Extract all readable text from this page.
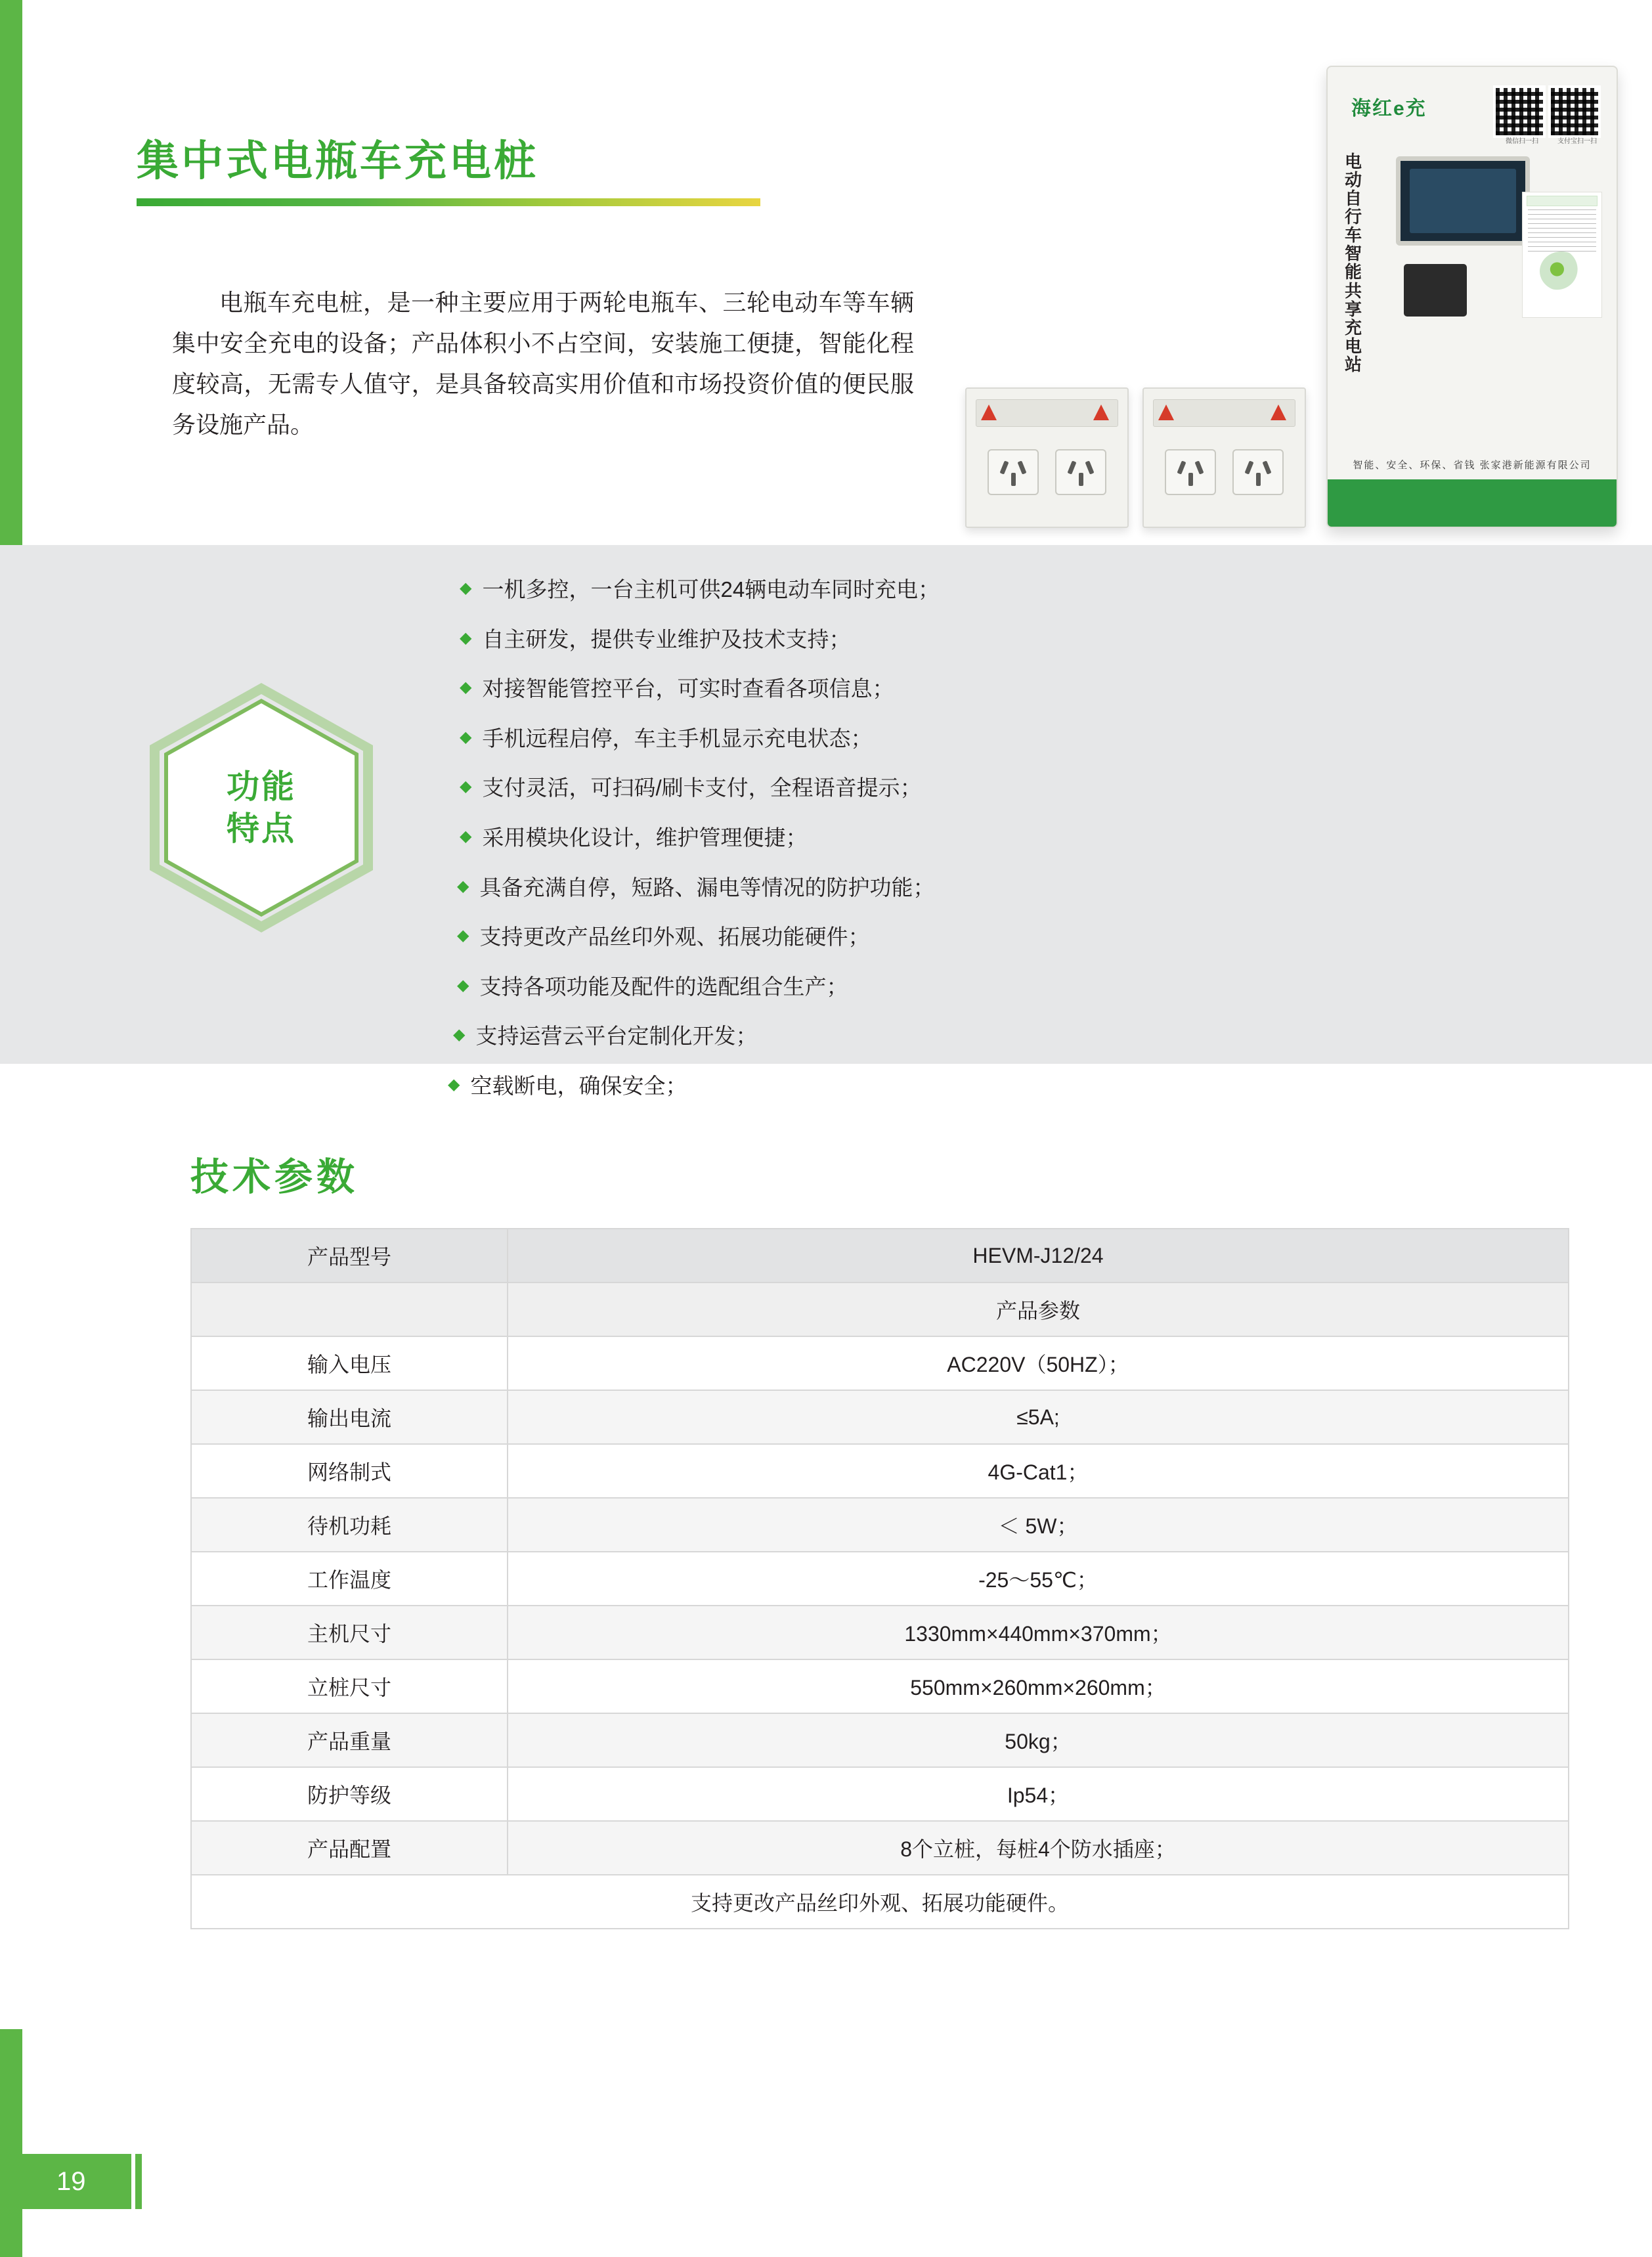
集中式电瓶车充电桩
电瓶车充电桩，是一种主要应用于两轮电瓶车、三轮电动车等车辆集中安全充电的设备；产品体积小不占空间，安装施工便捷，智能化程度较高，无需专人值守，是具备较高实用价值和市场投资价值的便民服务设施产品。
海红e充
微信扫一扫	支付宝扫一扫
电动自行车智能共享充电站
智能、安全、环保、省钱 张家港新能源有限公司
功能
特点
◆ 一机多控，一台主机可供24辆电动车同时充电；
◆ 自主研发，提供专业维护及技术支持；
◆ 对接智能管控平台，可实时查看各项信息；
◆ 手机远程启停，车主手机显示充电状态；
◆ 支付灵活，可扫码/刷卡支付，全程语音提示；
◆ 采用模块化设计，维护管理便捷；
◆ 具备充满自停，短路、漏电等情况的防护功能；
◆ 支持更改产品丝印外观、拓展功能硬件；
◆ 支持各项功能及配件的选配组合生产；
◆ 支持运营云平台定制化开发；
◆ 空载断电，确保安全；
技术参数
产品型号	HEVM-J12/24
	产品参数
输入电压	AC220V（50HZ）；
输出电流	≤5A;
网络制式	4G-Cat1；
待机功耗	＜ 5W；
工作温度	-25～55℃；
主机尺寸	1330mm×440mm×370mm；
立桩尺寸	550mm×260mm×260mm；
产品重量	50kg；
防护等级	Ip54；
产品配置	8个立桩，每桩4个防水插座；
支持更改产品丝印外观、拓展功能硬件。	
19
